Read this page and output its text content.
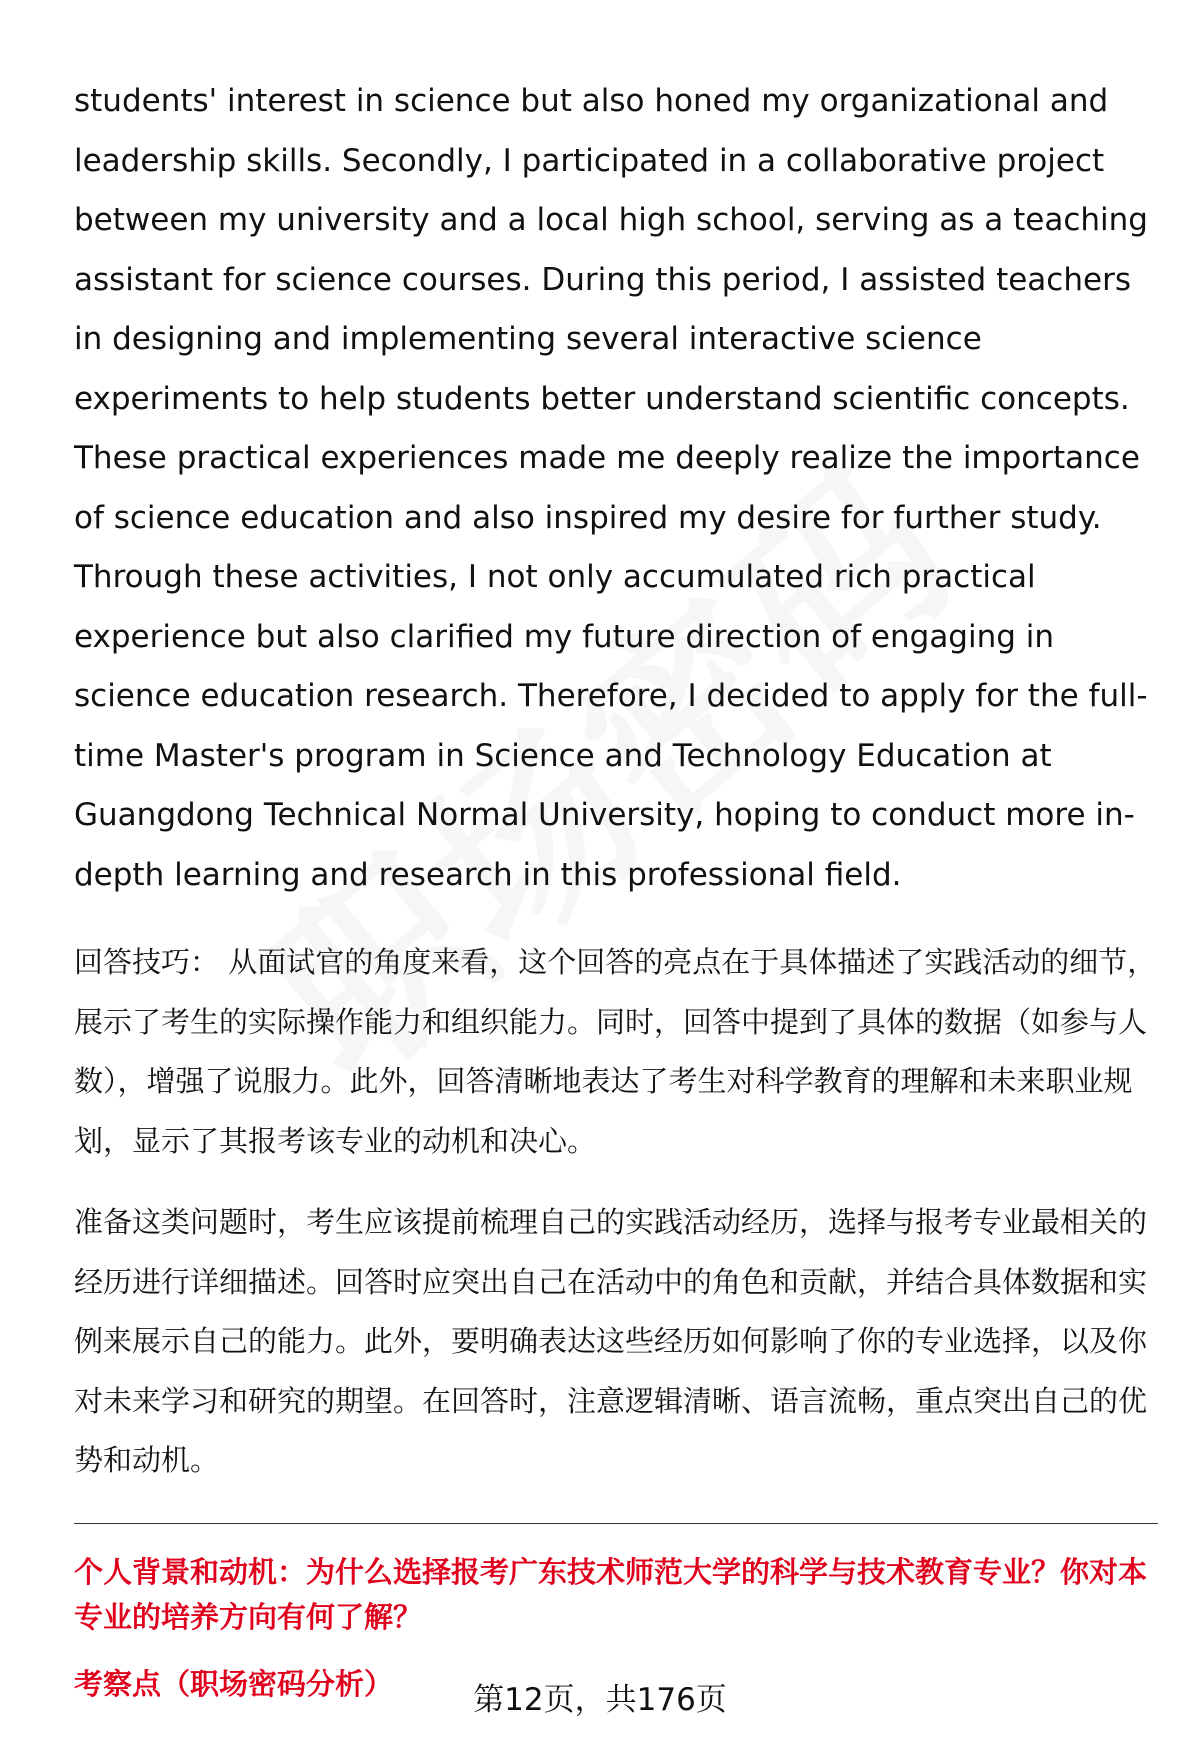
students' interest in science but also honed my organizational and leadership skills. Secondly, I participated in a collaborative project between my university and a local high school, serving as a teaching assistant for science courses. During this period, I assisted teachers in designing and implementing several interactive science experiments to help students better understand scientific concepts. These practical experiences made me deeply realize the importance of science education and also inspired my desire for further study. Through these activities, I not only accumulated rich practical experience but also clarified my future direction of engaging in science education research. Therefore, I decided to apply for the full-time Master's program in Science and Technology Education at Guangdong Technical Normal University, hoping to conduct more in-depth learning and research in this professional field.

回答技巧： 从面试官的角度来看，这个回答的亮点在于具体描述了实践活动的细节，展示了考生的实际操作能力和组织能力。同时，回答中提到了具体的数据（如参与人数），增强了说服力。此外，回答清晰地表达了考生对科学教育的理解和未来职业规划，显示了其报考该专业的动机和决心。

准备这类问题时，考生应该提前梳理自己的实践活动经历，选择与报考专业最相关的经历进行详细描述。回答时应突出自己在活动中的角色和贡献，并结合具体数据和实例来展示自己的能力。此外，要明确表达这些经历如何影响了你的专业选择，以及你对未来学习和研究的期望。在回答时，注意逻辑清晰、语言流畅，重点突出自己的优势和动机。

个人背景和动机：为什么选择报考广东技术师范大学的科学与技术教育专业？你对本专业的培养方向有何了解？

考察点（职场密码分析）	第12页，共176页
